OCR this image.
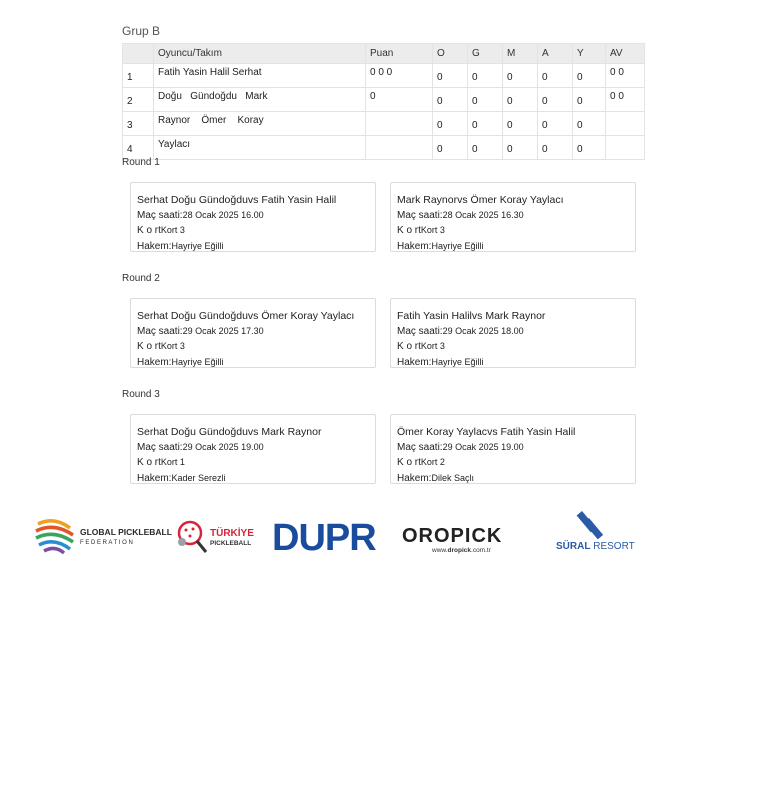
Grup B
	Oyuncu/Takım	Puan	O	G	M	A	Y	AV
1	Fatih Yasin Halil Serhat	0 0 0	0	0	0	0	0	0 0
2	Doğu   Gündoğdu   Mark	0	0	0	0	0	0	0 0
3	Raynor    Ömer    Koray		0	0	0	0	0	
4	Yaylacı		0	0	0	0	0	
Round 1
Serhat Doğu Gündoğduvs Fatih Yasin Halil
Maç saati:28 Ocak 2025 16.00
K o rtKort 3
Hakem:Hayriye Eğilli
Mark Raynorvs Ömer Koray Yaylacı
Maç saati:28 Ocak 2025 16.30
K o rtKort 3
Hakem:Hayriye Eğilli
Round 2
Serhat Doğu Gündoğduvs Ömer Koray Yaylacı
Maç saati:29 Ocak 2025 17.30
K o rtKort 3
Hakem:Hayriye Eğilli
Fatih Yasin Halilvs Mark Raynor
Maç saati:29 Ocak 2025 18.00
K o rtKort 3
Hakem:Hayriye Eğilli
Round 3
Serhat Doğu Gündoğduvs Mark Raynor
Maç saati:29 Ocak 2025 19.00
K o rtKort 1
Hakem:Kader Serezli
Ömer Koray Yaylacvs Fatih Yasin Halil
Maç saati:29 Ocak 2025 19.00
K o rtKort 2
Hakem:Dilek Saçlı
GLOBAL PICKLEBALL
F E D E R A T I O N
TÜRKİYE
PICKLEBALL DUPR OROPICK
www.dropick.com.tr	SÜRAL RESORT
